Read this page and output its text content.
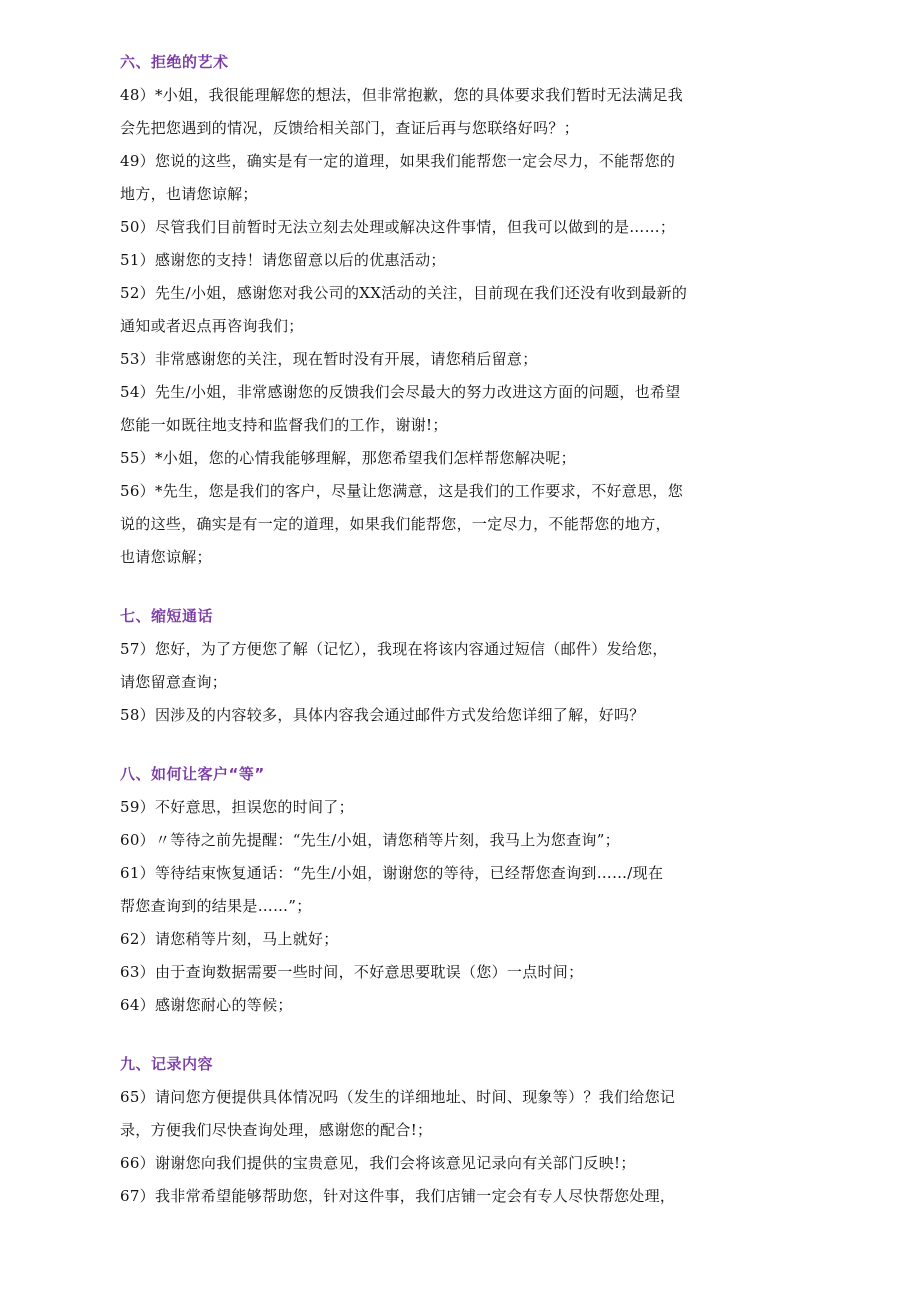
六、拒绝的艺术
48）*小姐，我很能理解您的想法，但非常抱歉，您的具体要求我们暂时无法满足我
会先把您遇到的情况，反馈给相关部门，查证后再与您联络好吗？；
49）您说的这些，确实是有一定的道理，如果我们能帮您一定会尽力，不能帮您的
地方，也请您谅解；
50）尽管我们目前暂时无法立刻去处理或解决这件事情，但我可以做到的是……；
51）感谢您的支持！请您留意以后的优惠活动；
52）先生/小姐，感谢您对我公司的XX活动的关注，目前现在我们还没有收到最新的
通知或者迟点再咨询我们；
53）非常感谢您的关注，现在暂时没有开展，请您稍后留意；
54）先生/小姐，非常感谢您的反馈我们会尽最大的努力改进这方面的问题，也希望
您能一如既往地支持和监督我们的工作，谢谢!；
55）*小姐，您的心情我能够理解，那您希望我们怎样帮您解决呢；
56）*先生，您是我们的客户，尽量让您满意，这是我们的工作要求，不好意思，您
说的这些，确实是有一定的道理，如果我们能帮您，一定尽力，不能帮您的地方，
也请您谅解；
七、缩短通话
57）您好，为了方便您了解（记忆），我现在将该内容通过短信（邮件）发给您，
请您留意查询；
58）因涉及的内容较多，具体内容我会通过邮件方式发给您详细了解，好吗？
八、如何让客户“等”
59）不好意思，担误您的时间了；
60）〃等待之前先提醒：“先生/小姐，请您稍等片刻，我马上为您查询”；
61）等待结束恢复通话：“先生/小姐，谢谢您的等待，已经帮您查询到……/现在
帮您查询到的结果是……”；
62）请您稍等片刻，马上就好；
63）由于查询数据需要一些时间，不好意思要耽误（您）一点时间；
64）感谢您耐心的等候；
九、记录内容
65）请问您方便提供具体情况吗（发生的详细地址、时间、现象等）？我们给您记
录，方便我们尽快查询处理，感谢您的配合!；
66）谢谢您向我们提供的宝贵意见，我们会将该意见记录向有关部门反映!；
67）我非常希望能够帮助您，针对这件事，我们店铺一定会有专人尽快帮您处理，
